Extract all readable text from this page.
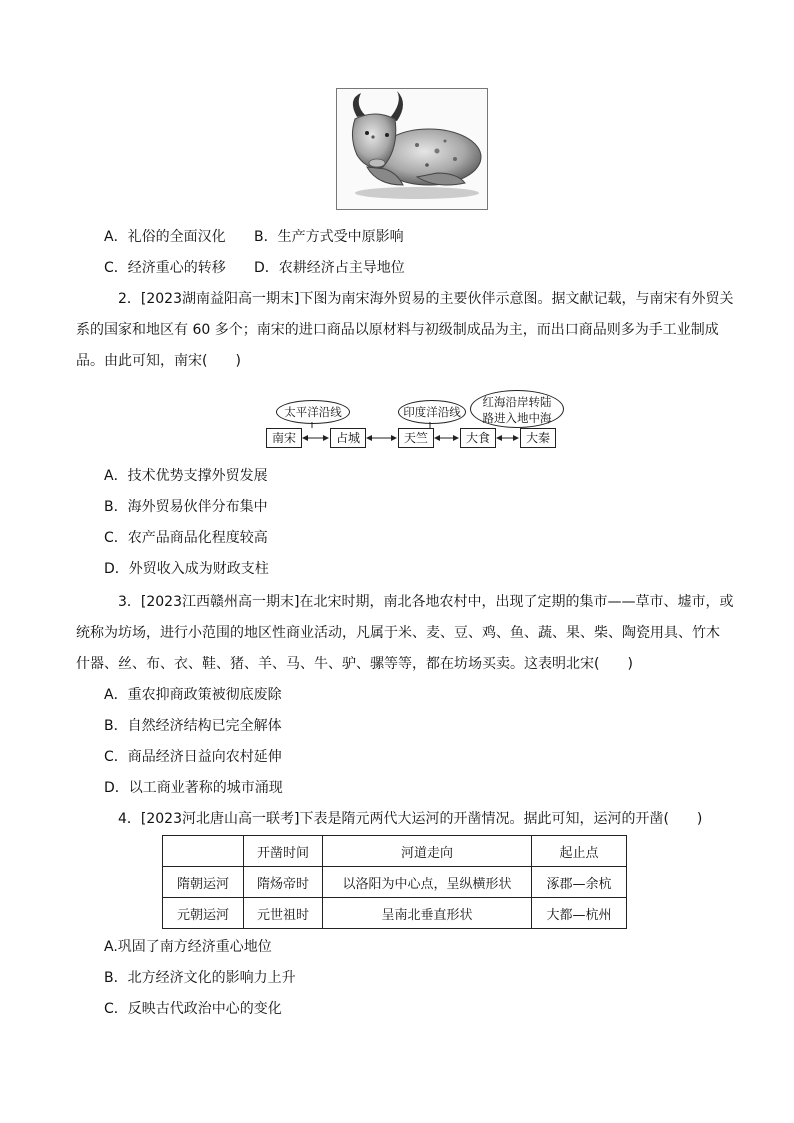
A．礼俗的全面汉化 B．生产方式受中原影响
C．经济重心的转移 D．农耕经济占主导地位
2．[2023湖南益阳高一期末]下图为南宋海外贸易的主要伙伴示意图。据文献记载，与南宋有外贸关
系的国家和地区有 60 多个；南宋的进口商品以原材料与初级制成品为主，而出口商品则多为手工业制成
品。由此可知，南宋(　　)
太平洋沿线	印度洋沿线
红海沿岸转陆
路进入地中海
南宋	占城	天竺	大食	大秦
A．技术优势支撑外贸发展
B．海外贸易伙伴分布集中
C．农产品商品化程度较高
D．外贸收入成为财政支柱
3．[2023江西赣州高一期末]在北宋时期，南北各地农村中，出现了定期的集市——草市、墟市，或
统称为坊场，进行小范围的地区性商业活动，凡属于米、麦、豆、鸡、鱼、蔬、果、柴、陶瓷用具、竹木
什器、丝、布、衣、鞋、猪、羊、马、牛、驴、骡等等，都在坊场买卖。这表明北宋(　　)
A．重农抑商政策被彻底废除
B．自然经济结构已完全解体
C．商品经济日益向农村延伸
D．以工商业著称的城市涌现
4．[2023河北唐山高一联考]下表是隋元两代大运河的开凿情况。据此可知，运河的开凿(　　)
	开凿时间	河道走向	起止点
隋朝运河	隋炀帝时	以洛阳为中心点，呈纵横形状	涿郡—余杭
元朝运河	元世祖时	呈南北垂直形状	大都—杭州
A.巩固了南方经济重心地位
B．北方经济文化的影响力上升
C．反映古代政治中心的变化
